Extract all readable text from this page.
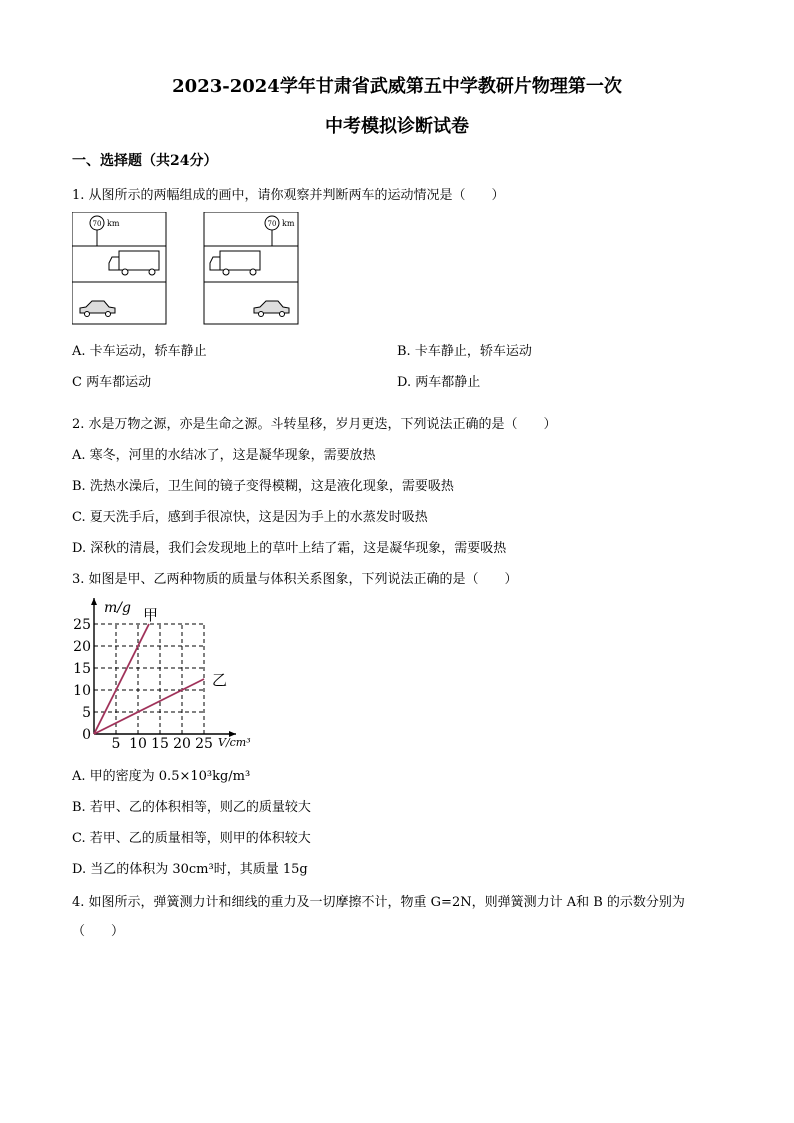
2023-2024学年甘肃省武威第五中学教研片物理第一次
中考模拟诊断试卷
一、选择题（共24分）
1. 从图所示的两幅组成的画中，请你观察并判断两车的运动情况是（　　）
70 km	70 km
A. 卡车运动，轿车静止	B. 卡车静止，轿车运动
C 两车都运动	D. 两车都静止
2. 水是万物之源，亦是生命之源。斗转星移，岁月更迭，下列说法正确的是（　　）
A. 寒冬，河里的水结冰了，这是凝华现象，需要放热
B. 洗热水澡后，卫生间的镜子变得模糊，这是液化现象，需要吸热
C. 夏天洗手后，感到手很凉快，这是因为手上的水蒸发时吸热
D. 深秋的清晨，我们会发现地上的草叶上结了霜，这是凝华现象，需要吸热
3. 如图是甲、乙两种物质的质量与体积关系图象，下列说法正确的是（　　）
5 10 15 20 25
0
5
10
15
20
25
m/g
V/cm³
甲
乙
A. 甲的密度为 0.5×10³kg/m³
B. 若甲、乙的体积相等，则乙的质量较大
C. 若甲、乙的质量相等，则甲的体积较大
D. 当乙的体积为 30cm³时，其质量 15g
4. 如图所示，弹簧测力计和细线的重力及一切摩擦不计，物重 G=2N，则弹簧测力计 A和 B 的示数分别为
（　　）
